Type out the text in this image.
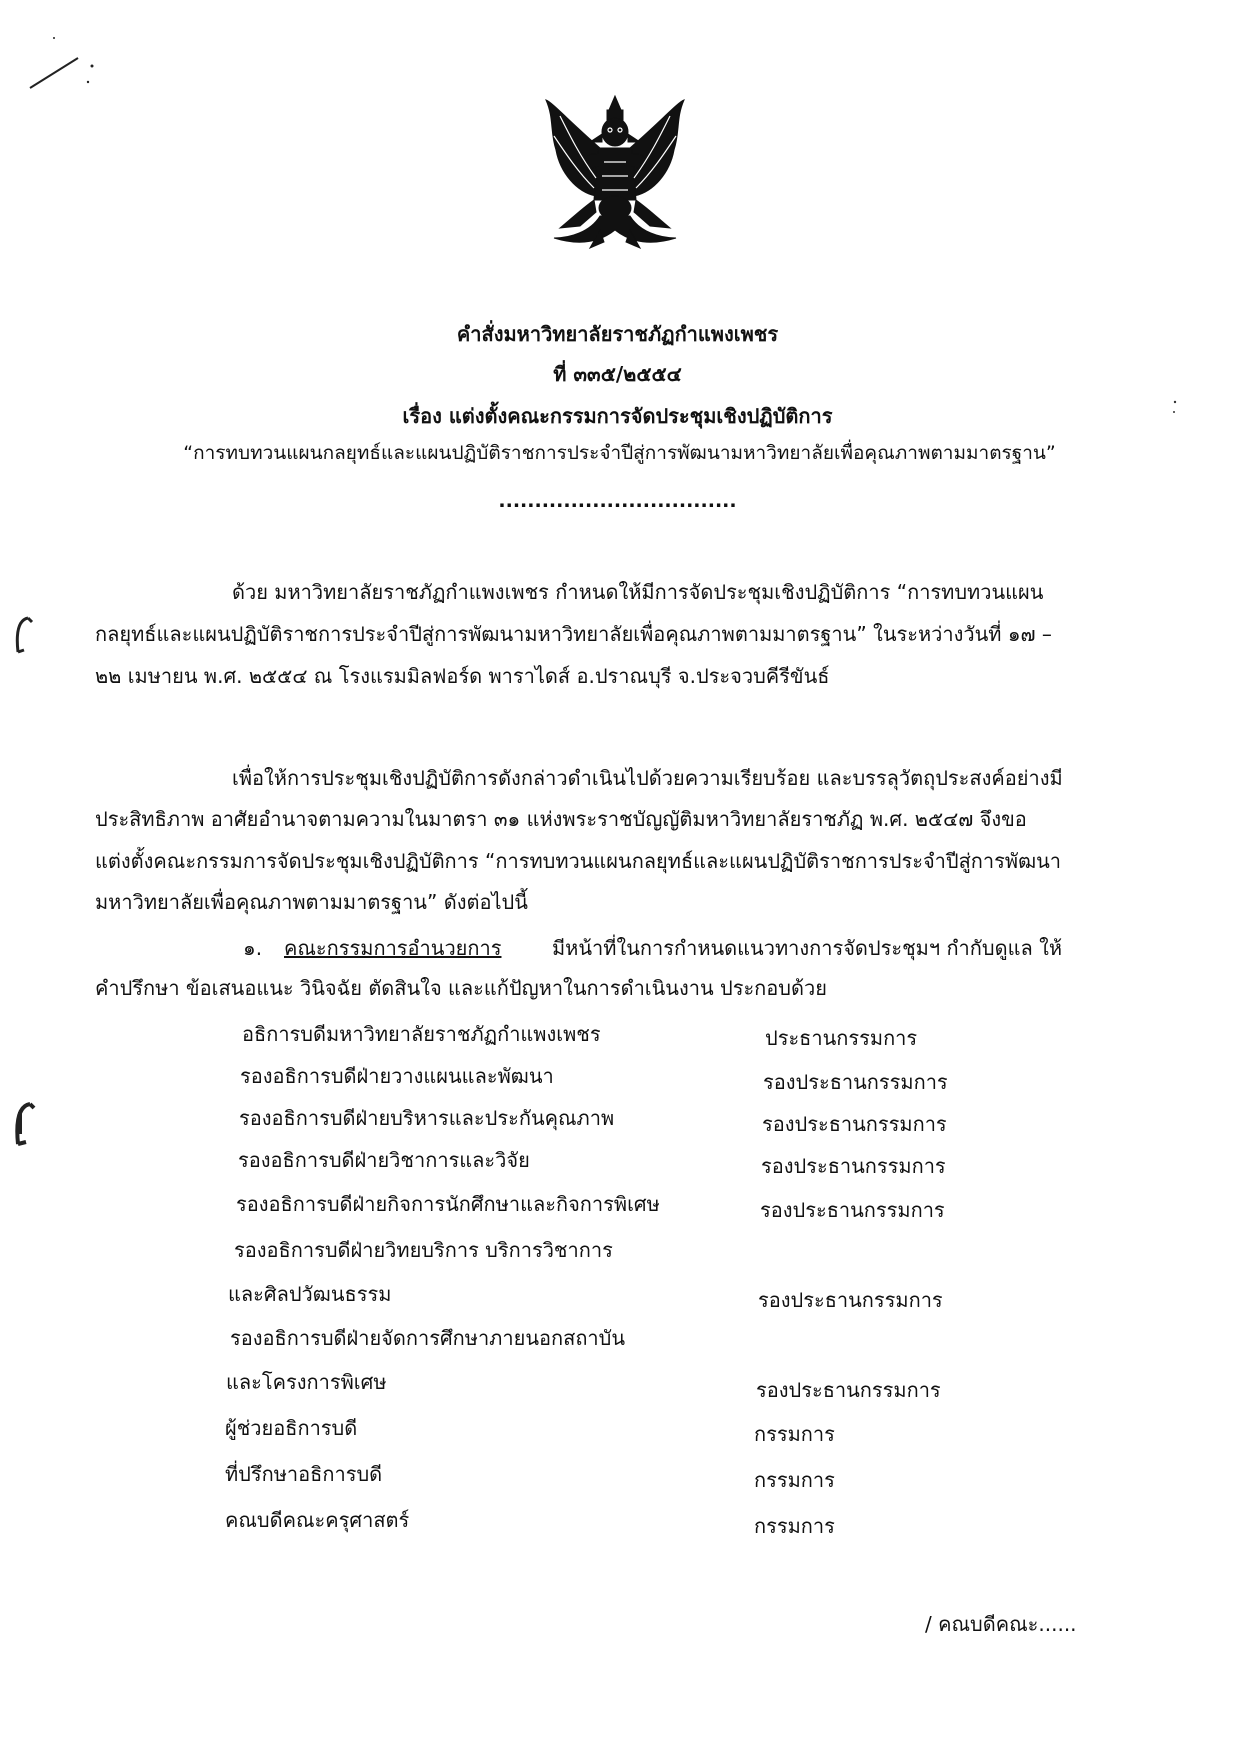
คำสั่งมหาวิทยาลัยราชภัฏกำแพงเพชร
ที่ ๓๓๕/๒๕๕๔
เรื่อง แต่งตั้งคณะกรรมการจัดประชุมเชิงปฏิบัติการ
“การทบทวนแผนกลยุทธ์และแผนปฏิบัติราชการประจำปีสู่การพัฒนามหาวิทยาลัยเพื่อคุณภาพตามมาตรฐาน”
.................................
ด้วย มหาวิทยาลัยราชภัฏกำแพงเพชร กำหนดให้มีการจัดประชุมเชิงปฏิบัติการ “การทบทวนแผน
กลยุทธ์และแผนปฏิบัติราชการประจำปีสู่การพัฒนามหาวิทยาลัยเพื่อคุณภาพตามมาตรฐาน” ในระหว่างวันที่ ๑๗ –
๒๒ เมษายน พ.ศ. ๒๕๕๔ ณ โรงแรมมิลฟอร์ด พาราไดส์ อ.ปราณบุรี จ.ประจวบคีรีขันธ์
เพื่อให้การประชุมเชิงปฏิบัติการดังกล่าวดำเนินไปด้วยความเรียบร้อย และบรรลุวัตถุประสงค์อย่างมี
ประสิทธิภาพ อาศัยอำนาจตามความในมาตรา ๓๑ แห่งพระราชบัญญัติมหาวิทยาลัยราชภัฏ พ.ศ. ๒๕๔๗ จึงขอ
แต่งตั้งคณะกรรมการจัดประชุมเชิงปฏิบัติการ “การทบทวนแผนกลยุทธ์และแผนปฏิบัติราชการประจำปีสู่การพัฒนา
มหาวิทยาลัยเพื่อคุณภาพตามมาตรฐาน” ดังต่อไปนี้
๑. คณะกรรมการอำนวยการ	มีหน้าที่ในการกำหนดแนวทางการจัดประชุมฯ กำกับดูแล ให้
คำปรึกษา ข้อเสนอแนะ วินิจฉัย ตัดสินใจ และแก้ปัญหาในการดำเนินงาน ประกอบด้วย
อธิการบดีมหาวิทยาลัยราชภัฏกำแพงเพชร	ประธานกรรมการ
รองอธิการบดีฝ่ายวางแผนและพัฒนา	รองประธานกรรมการ
รองอธิการบดีฝ่ายบริหารและประกันคุณภาพ	รองประธานกรรมการ
รองอธิการบดีฝ่ายวิชาการและวิจัย	รองประธานกรรมการ
รองอธิการบดีฝ่ายกิจการนักศึกษาและกิจการพิเศษ	รองประธานกรรมการ
รองอธิการบดีฝ่ายวิทยบริการ บริการวิชาการ
และศิลปวัฒนธรรม	รองประธานกรรมการ
รองอธิการบดีฝ่ายจัดการศึกษาภายนอกสถาบัน
และโครงการพิเศษ	รองประธานกรรมการ
ผู้ช่วยอธิการบดี	กรรมการ
ที่ปรึกษาอธิการบดี	กรรมการ
คณบดีคณะครุศาสตร์	กรรมการ
/ คณบดีคณะ......
